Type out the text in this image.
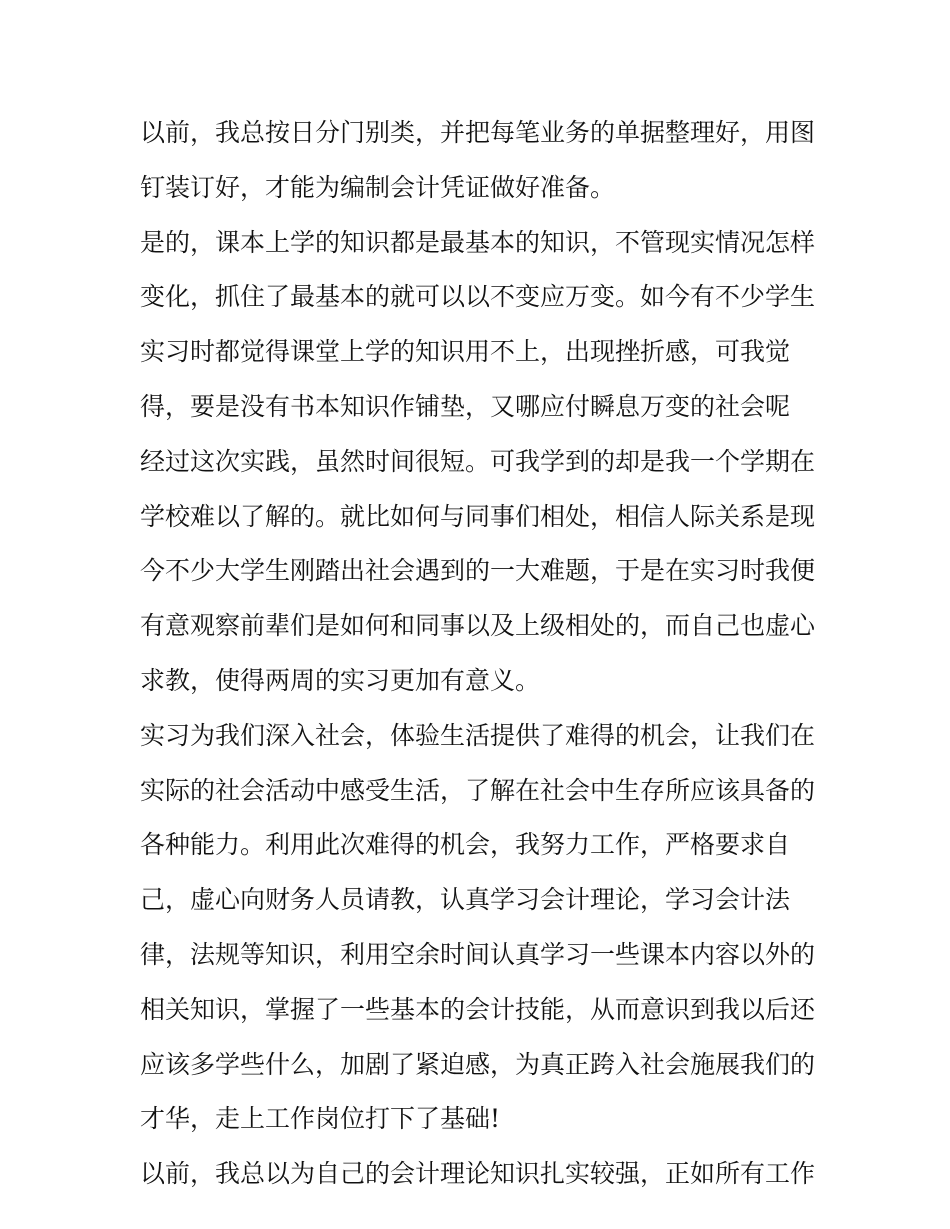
以前，我总按日分门别类，并把每笔业务的单据整理好，用图
钉装订好，才能为编制会计凭证做好准备。
是的，课本上学的知识都是最基本的知识，不管现实情况怎样
变化，抓住了最基本的就可以以不变应万变。如今有不少学生
实习时都觉得课堂上学的知识用不上，出现挫折感，可我觉
得，要是没有书本知识作铺垫，又哪应付瞬息万变的社会呢
经过这次实践，虽然时间很短。可我学到的却是我一个学期在
学校难以了解的。就比如何与同事们相处，相信人际关系是现
今不少大学生刚踏出社会遇到的一大难题，于是在实习时我便
有意观察前辈们是如何和同事以及上级相处的，而自己也虚心
求教，使得两周的实习更加有意义。
实习为我们深入社会，体验生活提供了难得的机会，让我们在
实际的社会活动中感受生活，了解在社会中生存所应该具备的
各种能力。利用此次难得的机会，我努力工作，严格要求自
己，虚心向财务人员请教，认真学习会计理论，学习会计法
律，法规等知识，利用空余时间认真学习一些课本内容以外的
相关知识，掌握了一些基本的会计技能，从而意识到我以后还
应该多学些什么，加剧了紧迫感，为真正跨入社会施展我们的
才华，走上工作岗位打下了基础!
以前，我总以为自己的会计理论知识扎实较强，正如所有工作
